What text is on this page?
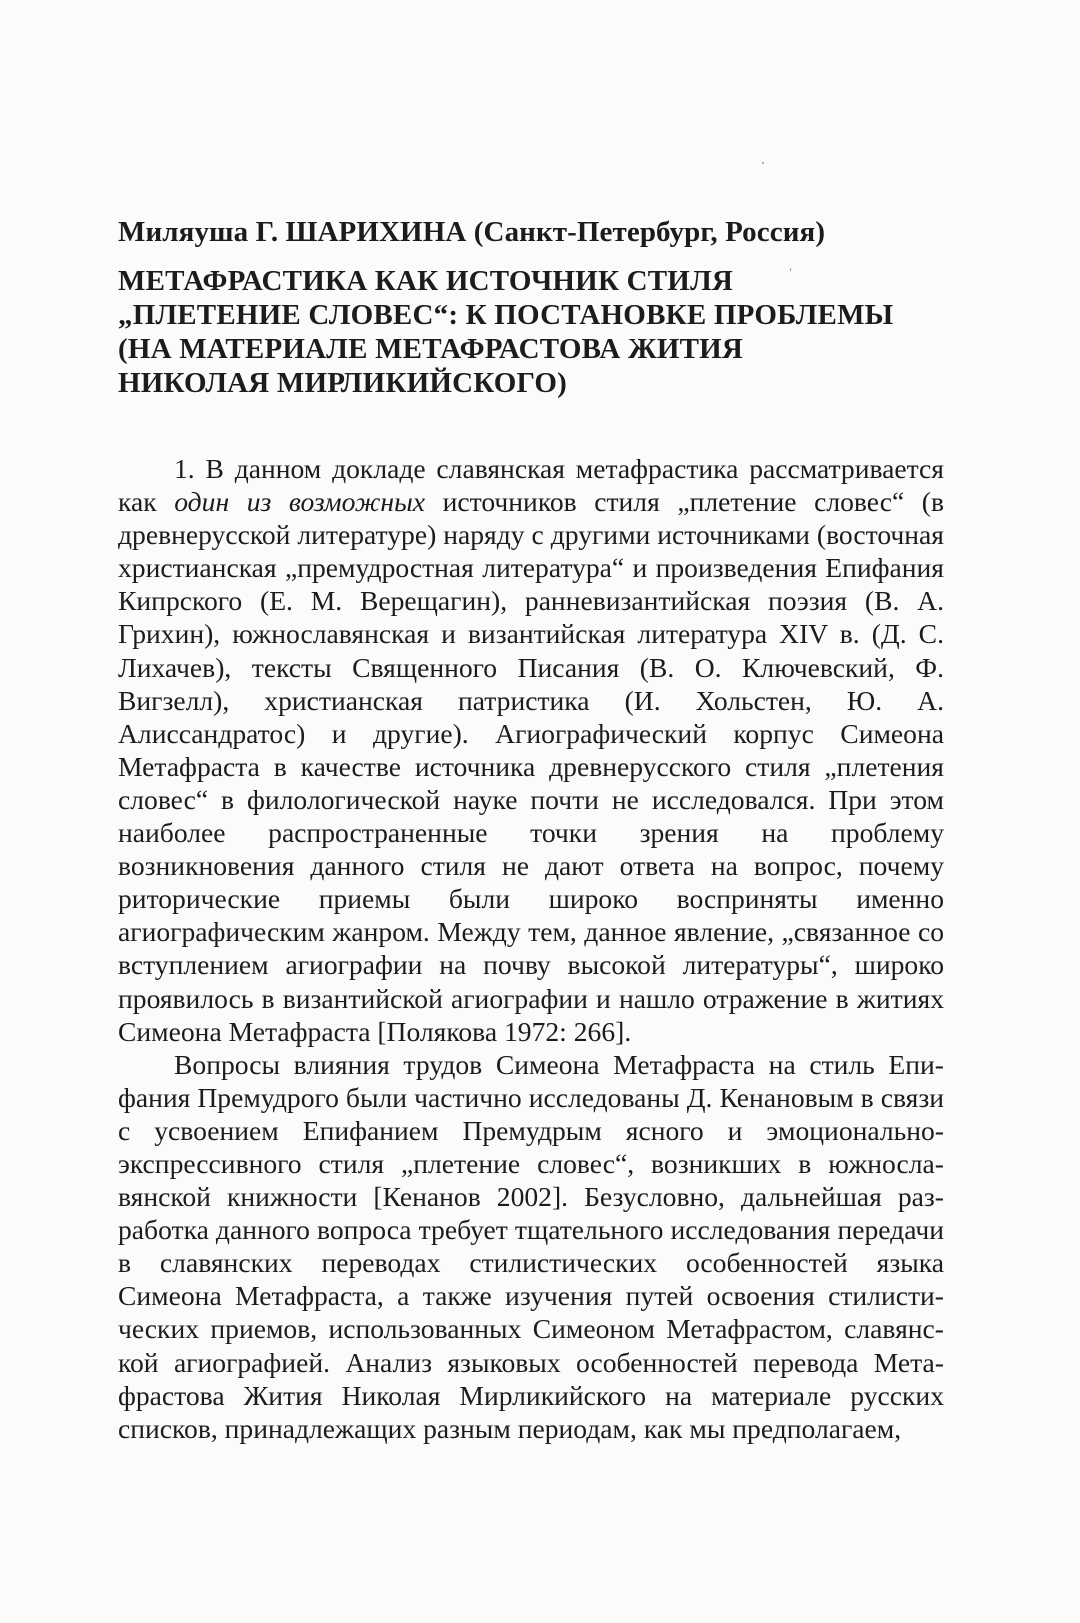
Миляуша Г. ШАРИХИНА (Санкт-Петербург, Россия)
МЕТАФРАСТИКА КАК ИСТОЧНИК СТИЛЯ
„ПЛЕТЕНИЕ СЛОВЕС“: К ПОСТАНОВКЕ ПРОБЛЕМЫ
(НА МАТЕРИАЛЕ МЕТАФРАСТОВА ЖИТИЯ
НИКОЛАЯ МИРЛИКИЙСКОГО)

1. В данном докладе славянская метафрастика рассматривается как один из возможных источников стиля „плетение словес“ (в древнерусской литературе) наряду с другими источниками (восточная христианская „премудростная литература“ и произведения Епифания Кипрского (Е. М. Верещагин), ранневизантийская поэзия (В. А. Грихин), южнославянская и византийская литература XIV в. (Д. С. Лихачев), тексты Священного Писания (В. О. Ключевский, Ф. Вигзелл), христианская патристика (И. Хольстен, Ю. А. Алиссандратос) и другие). Агиографический корпус Симеона Метафраста в качестве источника древнерусского стиля „плетения словес“ в филологической науке почти не исследовался. При этом наиболее распространенные точки зрения на проблему возникновения данного стиля не дают ответа на вопрос, почему риторические приемы были широко восприняты именно агиографическим жанром. Между тем, данное явление, „связанное со вступлением агиографии на почву высокой литературы“, широко проявилось в византийской агиографии и нашло отражение в житиях Симеона Метафраста [Полякова 1972: 266].

Вопросы влияния трудов Симеона Метафраста на стиль Епифания Премудрого были частично исследованы Д. Кенановым в связи с усвоением Епифанием Премудрым ясного и эмоционально-экспрессивного стиля „плетение словес“, возникших в южнославянской книжности [Кенанов 2002]. Безусловно, дальнейшая разработка данного вопроса требует тщательного исследования передачи в славянских переводах стилистических особенностей языка Симеона Метафраста, а также изучения путей освоения стилистических приемов, использованных Симеоном Метафрастом, славянской агиографией. Анализ языковых особенностей перевода Метафрастова Жития Николая Мирликийского на материале русских списков, принадлежащих разным периодам, как мы предполагаем,
